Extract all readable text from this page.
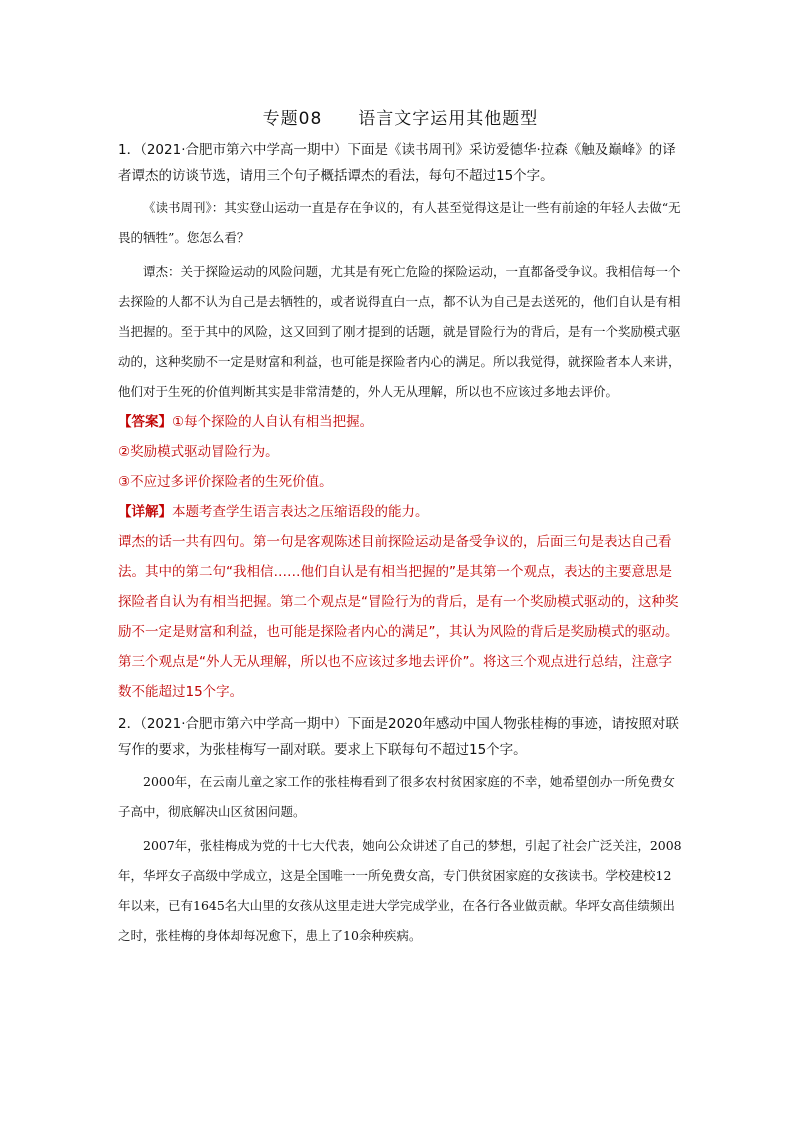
专题08　　语言文字运用其他题型

1．（2021·合肥市第六中学高一期中）下面是《读书周刊》采访爱德华·拉森《触及巅峰》的译者谭杰的访谈节选，请用三个句子概括谭杰的看法，每句不超过15个字。

《读书周刊》：其实登山运动一直是存在争议的，有人甚至觉得这是让一些有前途的年轻人去做“无畏的牺牲”。您怎么看？

谭杰：关于探险运动的风险问题，尤其是有死亡危险的探险运动，一直都备受争议。我相信每一个去探险的人都不认为自己是去牺牲的，或者说得直白一点，都不认为自己是去送死的，他们自认是有相当把握的。至于其中的风险，这又回到了刚才提到的话题，就是冒险行为的背后，是有一个奖励模式驱动的，这种奖励不一定是财富和利益，也可能是探险者内心的满足。所以我觉得，就探险者本人来讲，他们对于生死的价值判断其实是非常清楚的，外人无从理解，所以也不应该过多地去评价。

【答案】①每个探险的人自认有相当把握。

②奖励模式驱动冒险行为。

③不应过多评价探险者的生死价值。

【详解】本题考查学生语言表达之压缩语段的能力。

谭杰的话一共有四句。第一句是客观陈述目前探险运动是备受争议的，后面三句是表达自己看法。其中的第二句“我相信……他们自认是有相当把握的”是其第一个观点，表达的主要意思是探险者自认为有相当把握。第二个观点是“冒险行为的背后，是有一个奖励模式驱动的，这种奖励不一定是财富和利益，也可能是探险者内心的满足”，其认为风险的背后是奖励模式的驱动。第三个观点是“外人无从理解，所以也不应该过多地去评价”。将这三个观点进行总结，注意字数不能超过15个字。

2．（2021·合肥市第六中学高一期中）下面是2020年感动中国人物张桂梅的事迹，请按照对联写作的要求，为张桂梅写一副对联。要求上下联每句不超过15个字。

2000年，在云南儿童之家工作的张桂梅看到了很多农村贫困家庭的不幸，她希望创办一所免费女子高中，彻底解决山区贫困问题。

2007年，张桂梅成为党的十七大代表，她向公众讲述了自己的梦想，引起了社会广泛关注，2008年，华坪女子高级中学成立，这是全国唯一一所免费女高，专门供贫困家庭的女孩读书。学校建校12年以来，已有1645名大山里的女孩从这里走进大学完成学业，在各行各业做贡献。华坪女高佳绩频出之时，张桂梅的身体却每况愈下，患上了10余种疾病。
